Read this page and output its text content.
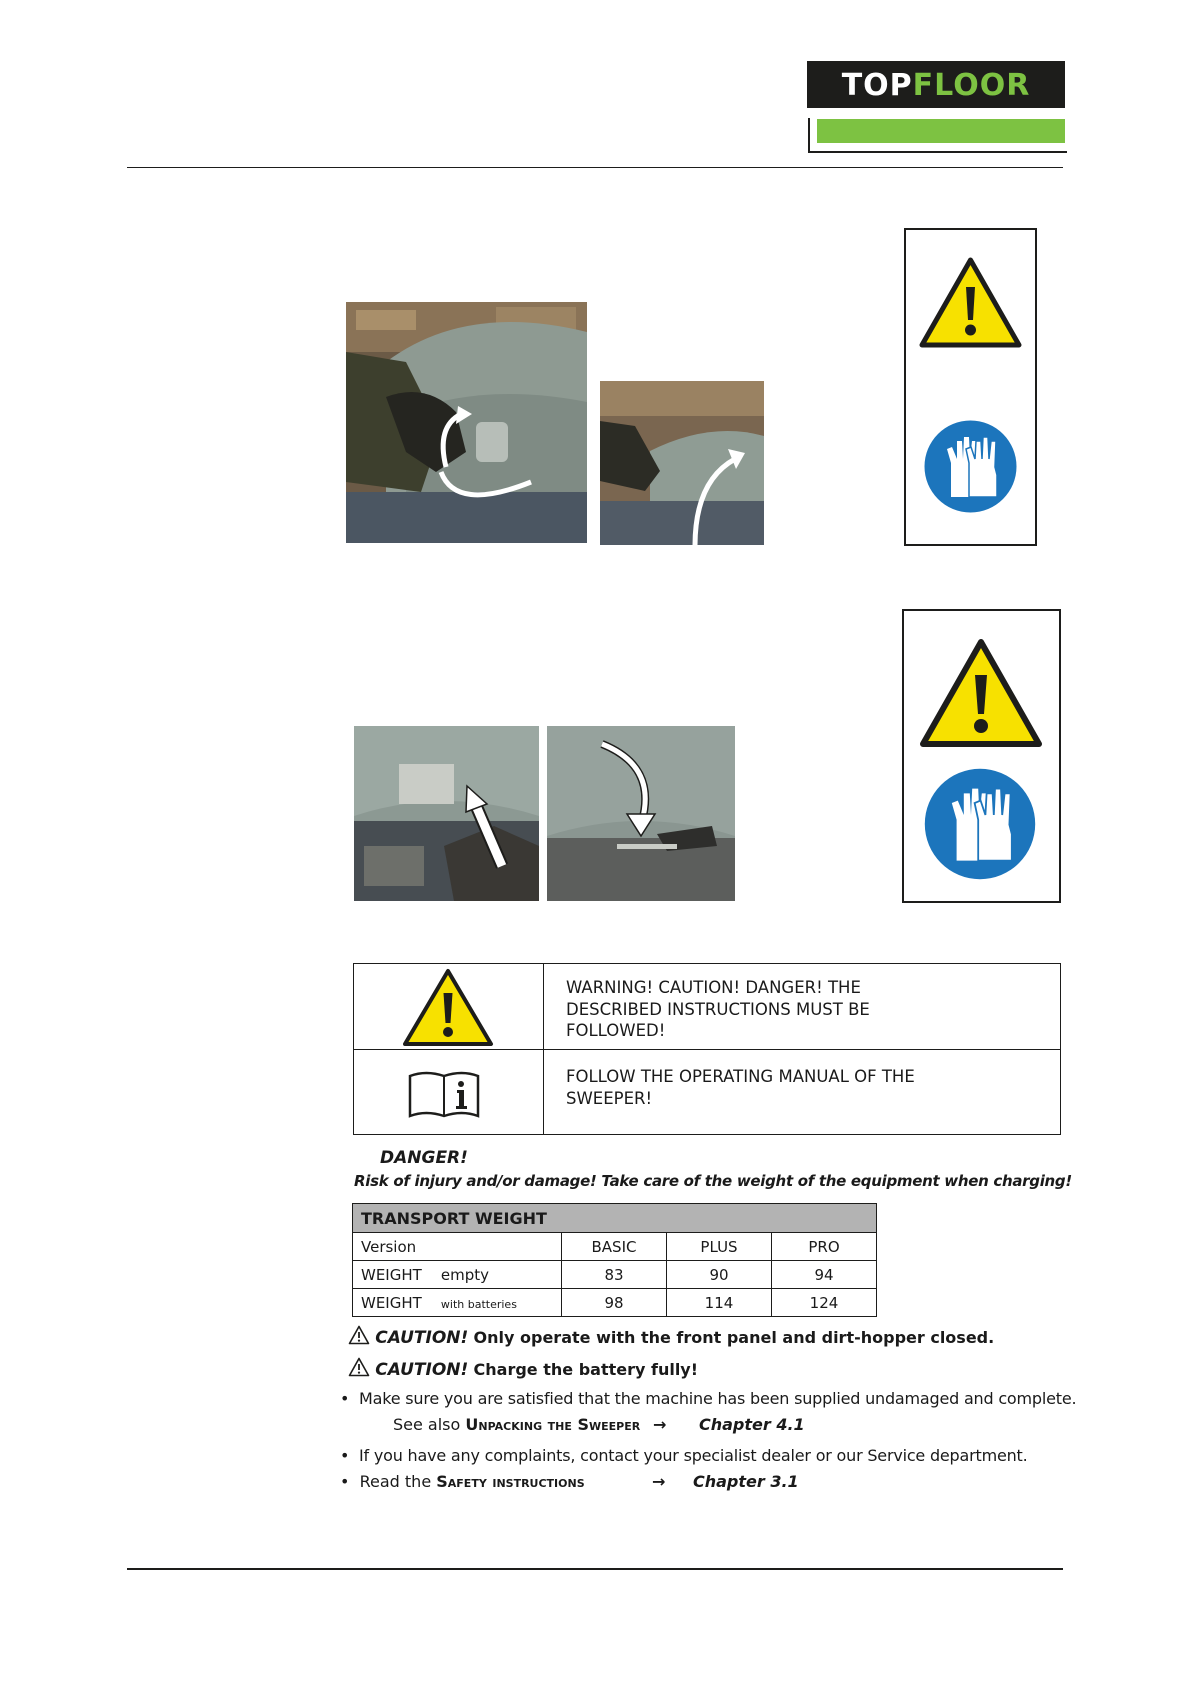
TOPFLOOR
WARNING! CAUTION! DANGER! THE
DESCRIBED INSTRUCTIONS MUST BE
FOLLOWED!
FOLLOW THE OPERATING MANUAL OF THE
SWEEPER!
DANGER!
Risk of injury and/or damage! Take care of the weight of the equipment when charging!
TRANSPORT WEIGHT			
Version	BASIC	PLUS	PRO
WEIGHT empty	83	90	94
WEIGHT with batteries	98	114	124
CAUTION! Only operate with the front panel and dirt-hopper closed.
CAUTION! Charge the battery fully!
• Make sure you are satisfied that the machine has been supplied undamaged and complete.
See also Unpacking the Sweeper → Chapter 4.1
• If you have any complaints, contact your specialist dealer or our Service department.
• Read the Safety instructions	→ Chapter 3.1
